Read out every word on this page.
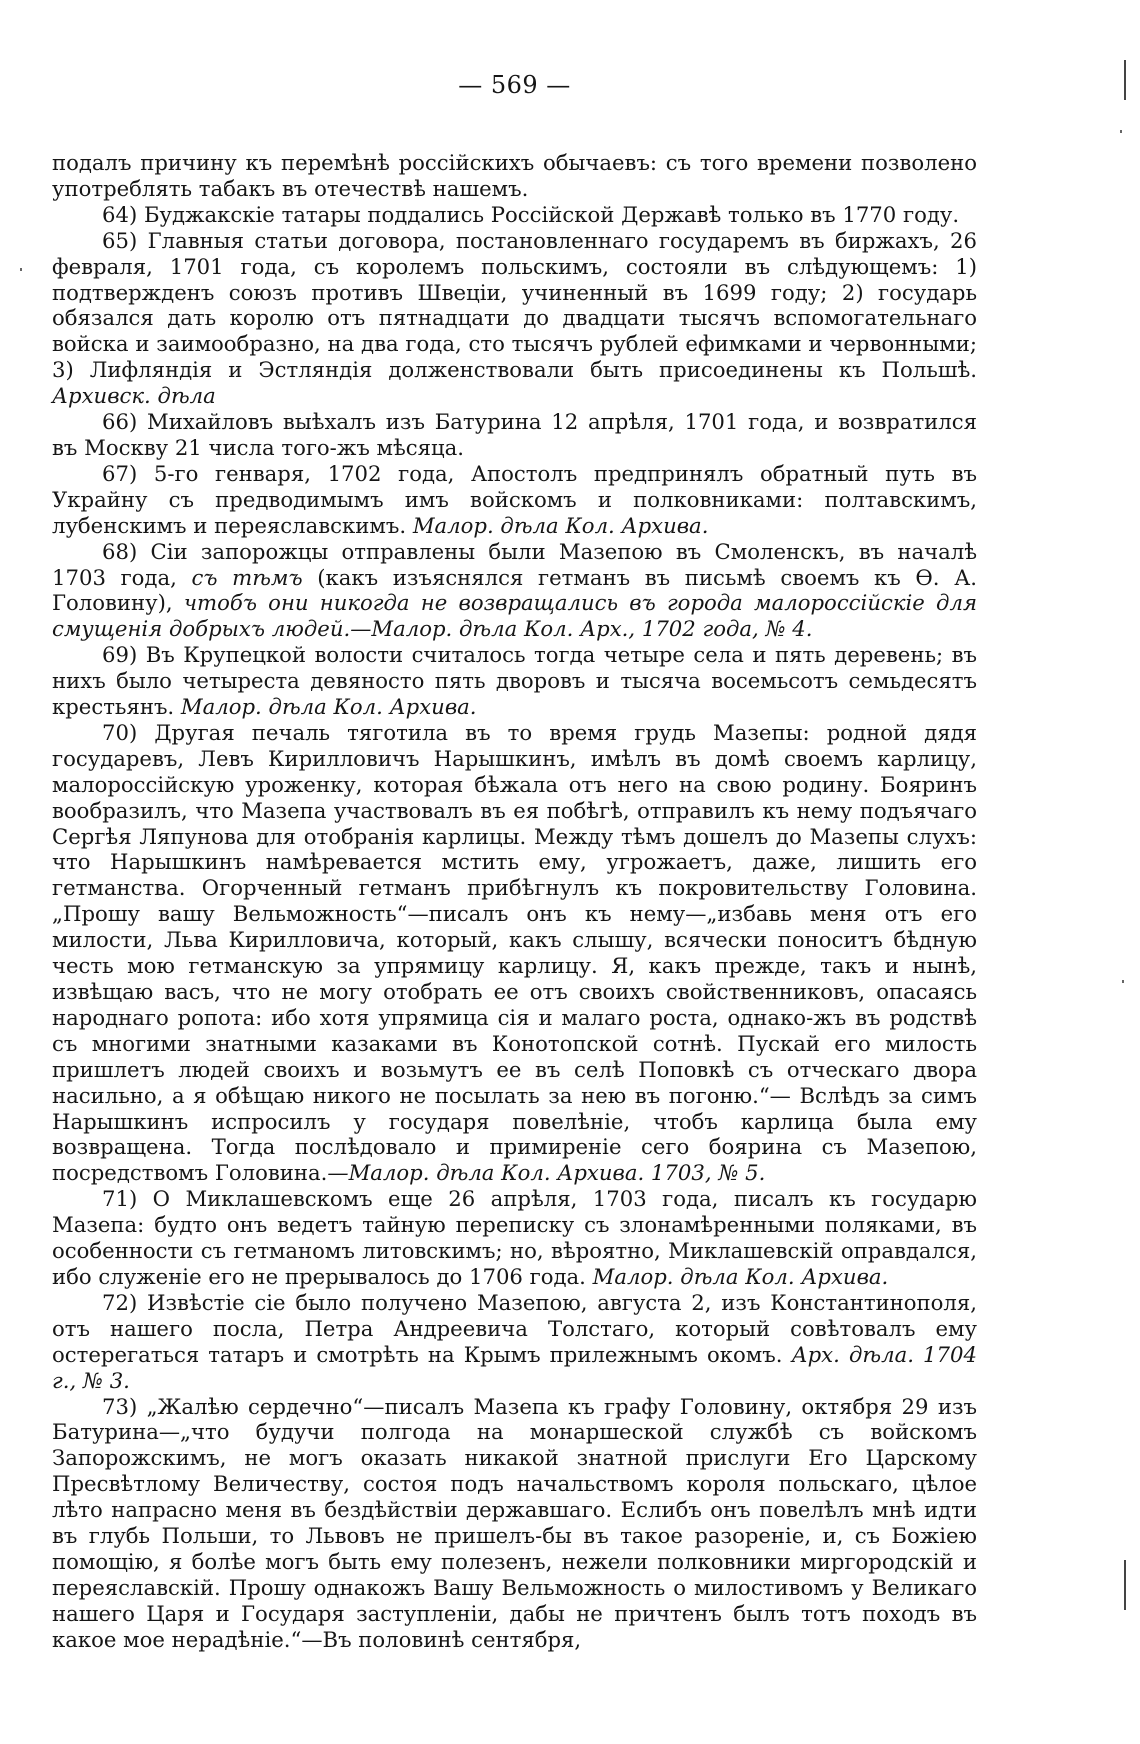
— 569 —

подалъ причину къ перемѣнѣ россійскихъ обычаевъ: съ того времени позволено употреблять табакъ въ отечествѣ нашемъ.

64) Буджакскіе татары поддались Россійской Державѣ только въ 1770 году.

65) Главныя статьи договора, постановленнаго государемъ въ биржахъ, 26 февраля, 1701 года, съ королемъ польскимъ, состояли въ слѣдующемъ: 1) подтвержденъ союзъ противъ Швеціи, учиненный въ 1699 году; 2) государь обязался дать королю отъ пятнадцати до двадцати тысячъ вспомогательнаго войска и заимообразно, на два года, сто тысячъ рублей ефимками и червонными; 3) Лифляндія и Эстляндія долженствовали быть присоединены къ Польшѣ. Архивск. дѣла

66) Михайловъ выѣхалъ изъ Батурина 12 апрѣля, 1701 года, и возвратился въ Москву 21 числа того-жъ мѣсяца.

67) 5-го генваря, 1702 года, Апостолъ предпринялъ обратный путь въ Украйну съ предводимымъ имъ войскомъ и полковниками: полтавскимъ, лубенскимъ и переяславскимъ. Малор. дѣла Кол. Архива.

68) Сіи запорожцы отправлены были Мазепою въ Смоленскъ, въ началѣ 1703 года, съ тѣмъ (какъ изъяснялся гетманъ въ письмѣ своемъ къ Ѳ. А. Головину), чтобъ они никогда не возвращались въ города малороссійскіе для смущенія добрыхъ людей.—Малор. дѣла Кол. Арх., 1702 года, № 4.

69) Въ Крупецкой волости считалось тогда четыре села и пять деревень; въ нихъ было четыреста девяносто пять дворовъ и тысяча восемьсотъ семьдесятъ крестьянъ. Малор. дѣла Кол. Архива.

70) Другая печаль тяготила въ то время грудь Мазепы: родной дядя государевъ, Левъ Кирилловичъ Нарышкинъ, имѣлъ въ домѣ своемъ карлицу, малороссійскую уроженку, которая бѣжала отъ него на свою родину. Бояринъ вообразилъ, что Мазепа участвовалъ въ ея побѣгѣ, отправилъ къ нему подъячаго Сергѣя Ляпунова для отобранія карлицы. Между тѣмъ дошелъ до Мазепы слухъ: что Нарышкинъ намѣревается мстить ему, угрожаетъ, даже, лишить его гетманства. Огорченный гетманъ прибѣгнулъ къ покровительству Головина. „Прошу вашу Вельможность“—писалъ онъ къ нему—„избавь меня отъ его милости, Льва Кирилловича, который, какъ слышу, всячески поноситъ бѣдную честь мою гетманскую за упрямицу карлицу. Я, какъ прежде, такъ и нынѣ, извѣщаю васъ, что не могу отобрать ее отъ своихъ свойственниковъ, опасаясь народнаго ропота: ибо хотя упрямица сія и малаго роста, однако-жъ въ родствѣ съ многими знатными казаками въ Конотопской сотнѣ. Пускай его милость пришлетъ людей своихъ и возьмутъ ее въ селѣ Поповкѣ съ отческаго двора насильно, а я обѣщаю никого не посылать за нею въ погоню.“— Вслѣдъ за симъ Нарышкинъ испросилъ у государя повелѣніе, чтобъ карлица была ему возвращена. Тогда послѣдовало и примиреніе сего боярина съ Мазепою, посредствомъ Головина.—Малор. дѣла Кол. Архива. 1703, № 5.

71) О Миклашевскомъ еще 26 апрѣля, 1703 года, писалъ къ государю Мазепа: будто онъ ведетъ тайную переписку съ злонамѣренными поляками, въ особенности съ гетманомъ литовскимъ; но, вѣроятно, Миклашевскій оправдался, ибо служеніе его не прерывалось до 1706 года. Малор. дѣла Кол. Архива.

72) Извѣстіе сіе было получено Мазепою, августа 2, изъ Константинополя, отъ нашего посла, Петра Андреевича Толстаго, который совѣтовалъ ему остерегаться татаръ и смотрѣть на Крымъ прилежнымъ окомъ. Арх. дѣла. 1704 г., № 3.

73) „Жалѣю сердечно“—писалъ Мазепа къ графу Головину, октября 29 изъ Батурина—„что будучи полгода на монаршеской службѣ съ войскомъ Запорожскимъ, не могъ оказать никакой знатной прислуги Его Царскому Пресвѣтлому Величеству, состоя подъ начальствомъ короля польскаго, цѣлое лѣто напрасно меня въ бездѣйствіи державшаго. Еслибъ онъ повелѣлъ мнѣ идти въ глубь Польши, то Львовъ не пришелъ-бы въ такое разореніе, и, съ Божіею помощію, я болѣе могъ быть ему полезенъ, нежели полковники миргородскій и переяславскій. Прошу однакожъ Вашу Вельможность о милостивомъ у Великаго нашего Царя и Государя заступленіи, дабы не причтенъ былъ тотъ походъ въ какое мое нерадѣніе.“—Въ половинѣ сентября,
